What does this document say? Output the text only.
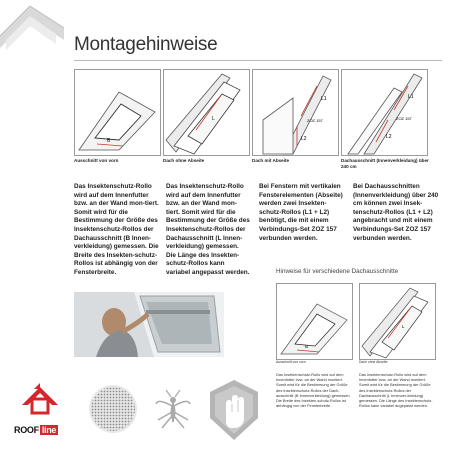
Montagehinweise
B
L
L1
L2
ZOZ 157
L1
ZOZ 157
L2
Ausschnitt von vorn	Dach ohne Abseite	Dach mit Abseite	Dachausschnitt (Innenverkleidung) über 240 cm
Das Insektenschutz-Rollo wird auf dem Innenfutter bzw. an der Wand mon-tiert. Somit wird für die Bestimmung der Größe des Insektenschutz-Rollos der Dachausschnitt (B Innen-verkleidung) gemessen. Die Breite des Insekten-schutz-Rollos ist abhängig von der Fensterbreite.
Das Insektenschutz-Rollo wird auf dem Innenfutter bzw. an der Wand mon-tiert. Somit wird für die Bestimmung der Größe des Insektenschutz-Rollos der Dachausschnitt (L Innen-verkleidung) gemessen. Die Länge des Insekten-schutz-Rollos kann variabel angepasst werden.
Bei Fenstern mit vertikalen Fensterelementen (Abseite) werden zwei Insekten-schutz-Rollos (L1 + L2) benötigt, die mit einem Verbindungs-Set ZOZ 157 verbunden werden.
Bei Dachausschnitten (Innenverkleidung) über 240 cm können zwei Insek-tenschutz-Rollos (L1 + L2) angebracht und mit einem Verbindungs-Set ZOZ 157 verbunden werden.
Hinweise für verschiedene Dachausschnitte
B
L
Ausschnitt von vorn	Dach ohne Abseite
Das Insektenschutz-Rollo wird auf dem Innenfutter bzw. an der Wand montiert. Somit wird für die Bestimmung der Größe des Insektenschutz-Rollos der Dach-ausschnitt (B Innenverkleidung) gemessen. Die Breite des Insekten-schutz-Rollos ist abhängig von der Fensterbreite.
Das Insektenschutz-Rollo wird auf dem Innenfutter bzw. an der Wand montiert. Somit wird für die Bestimmung der Größe des Insektenschutz-Rollos der Dachausschnitt (L Innenver-kleidung) gemessen. Die Länge des Insektenschutz-Rollos kann variabel angepasst werden.
ROOF line
